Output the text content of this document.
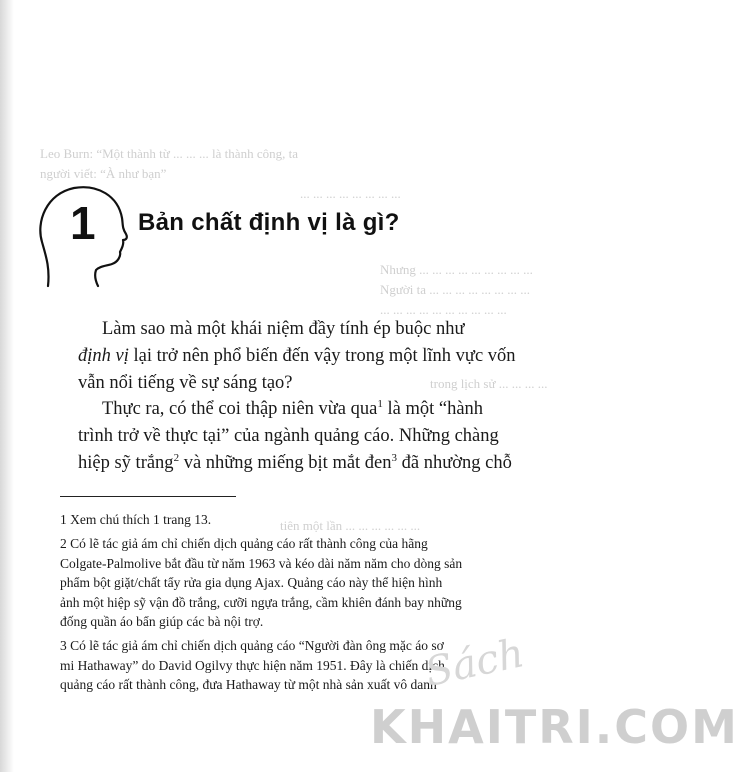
Leo Burn: “Một thành từ ... ... ... là thành công, ta
người viết: “À như bạn”
... ... ... ... ... ... ... ...
Nhưng ... ... ... ... ... ... ... ... ...
Người ta ... ... ... ... ... ... ... ...
... ... ... ... ... ... ... ... ... ...
trong lịch sử ... ... ... ...
tiên một lần ... ... ... ... ... ...
1 Bản chất định vị là gì?
Làm sao mà một khái niệm đầy tính ép buộc như
định vị lại trở nên phổ biến đến vậy trong một lĩnh vực vốn
vẫn nổi tiếng về sự sáng tạo?
Thực ra, có thể coi thập niên vừa qua$^1$ là một “hành
trình trở về thực tại” của ngành quảng cáo. Những chàng
hiệp sỹ trắng$^2$ và những miếng bịt mắt đen$^3$ đã nhường chỗ
1 Xem chú thích 1 trang 13.
2 Có lẽ tác giả ám chỉ chiến dịch quảng cáo rất thành công của hãng
Colgate-Palmolive bắt đầu từ năm 1963 và kéo dài năm năm cho dòng sản
phẩm bột giặt/chất tẩy rửa gia dụng Ajax. Quảng cáo này thể hiện hình
ảnh một hiệp sỹ vận đồ trắng, cưỡi ngựa trắng, cầm khiên đánh bay những
đống quần áo bẩn giúp các bà nội trợ.
3 Có lẽ tác giả ám chỉ chiến dịch quảng cáo “Người đàn ông mặc áo sơ
mi Hathaway” do David Ogilvy thực hiện năm 1951. Đây là chiến dịch
quảng cáo rất thành công, đưa Hathaway từ một nhà sản xuất vô danh
Sách
KHAITRI.COM
